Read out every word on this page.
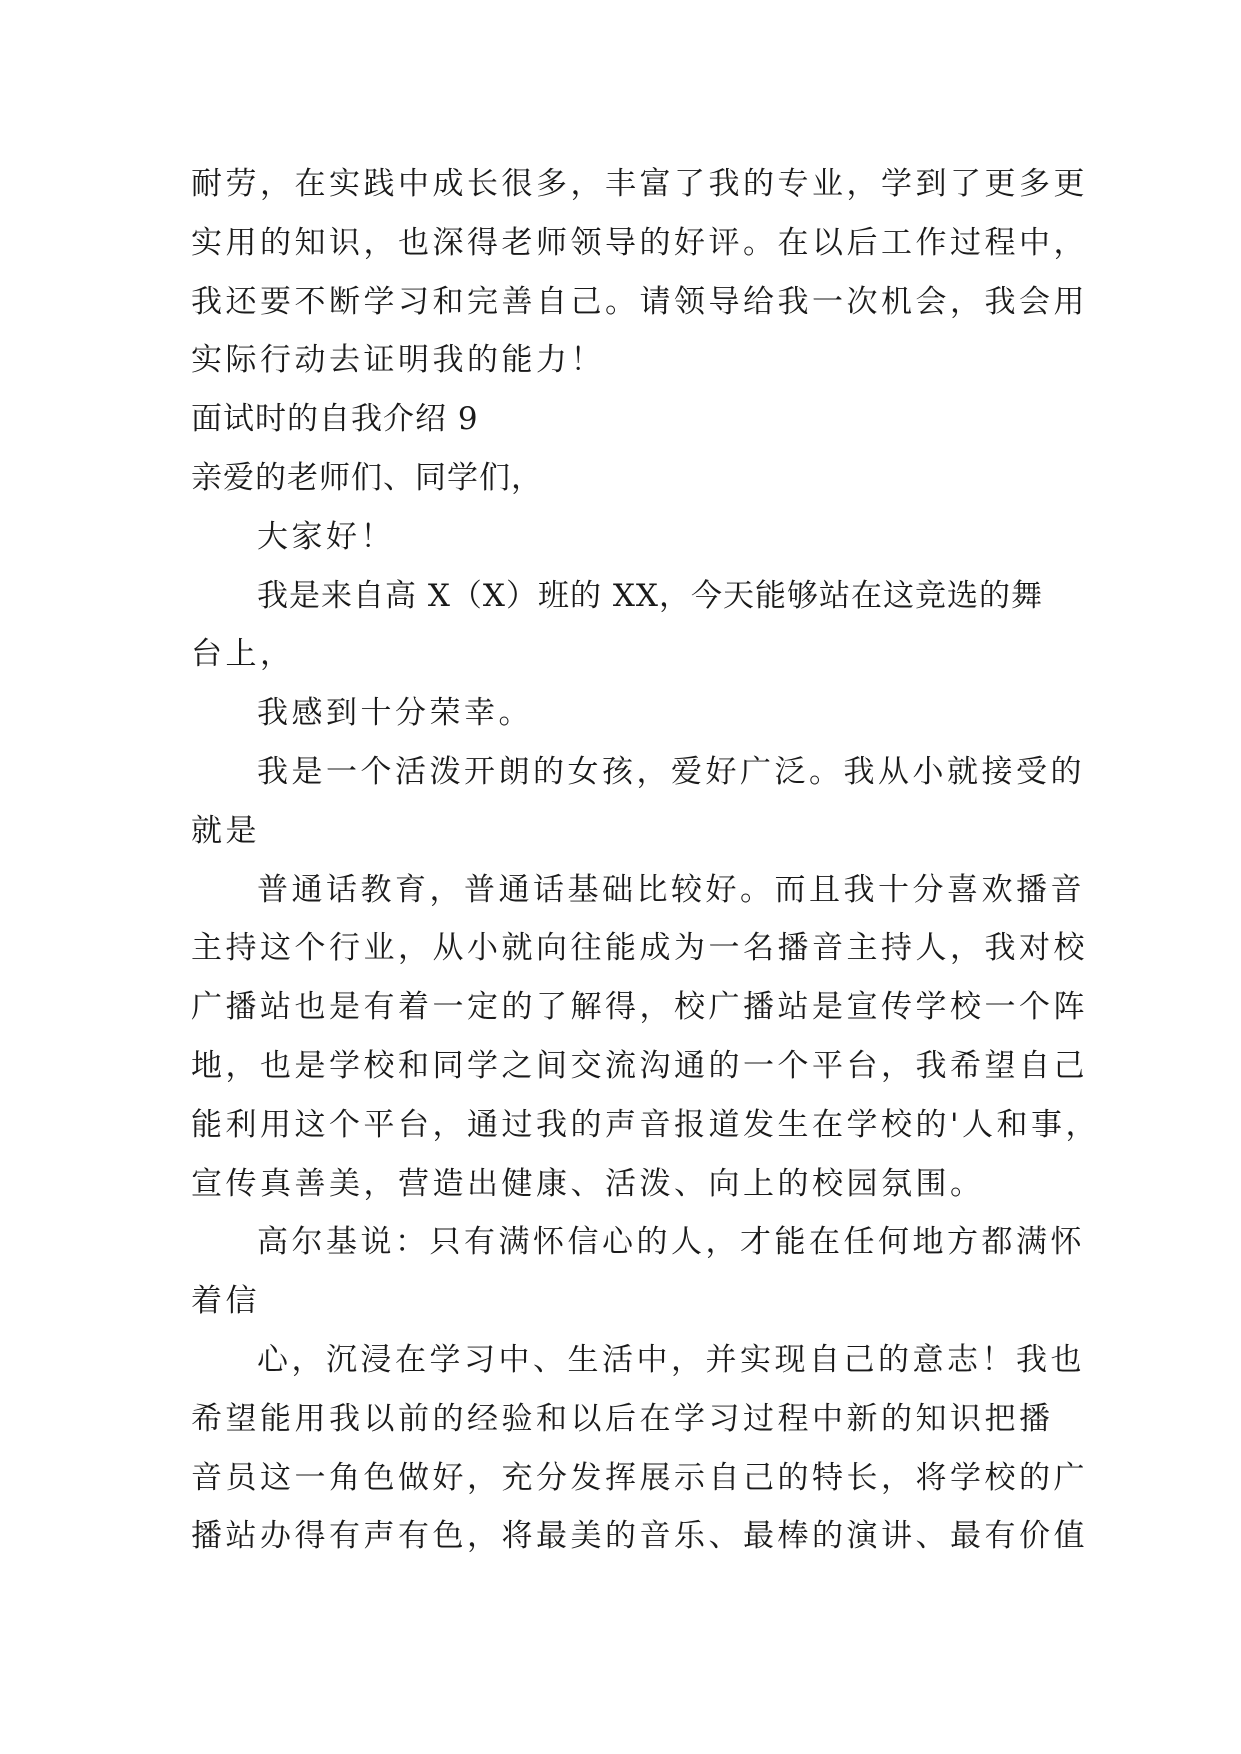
耐劳，在实践中成长很多，丰富了我的专业，学到了更多更

实用的知识，也深得老师领导的好评。在以后工作过程中，

我还要不断学习和完善自己。请领导给我一次机会，我会用

实际行动去证明我的能力！

面试时的自我介绍 9

亲爱的老师们、同学们，

大家好！

我是来自高 X（X）班的 XX，今天能够站在这竞选的舞

台上，

我感到十分荣幸。

我是一个活泼开朗的女孩，爱好广泛。我从小就接受的

就是

普通话教育，普通话基础比较好。而且我十分喜欢播音

主持这个行业，从小就向往能成为一名播音主持人，我对校

广播站也是有着一定的了解得，校广播站是宣传学校一个阵

地，也是学校和同学之间交流沟通的一个平台，我希望自己

能利用这个平台，通过我的声音报道发生在学校的'人和事，

宣传真善美，营造出健康、活泼、向上的校园氛围。

高尔基说：只有满怀信心的人，才能在任何地方都满怀

着信

心，沉浸在学习中、生活中，并实现自己的意志！我也

希望能用我以前的经验和以后在学习过程中新的知识把播

音员这一角色做好，充分发挥展示自己的特长，将学校的广

播站办得有声有色，将最美的音乐、最棒的演讲、最有价值
